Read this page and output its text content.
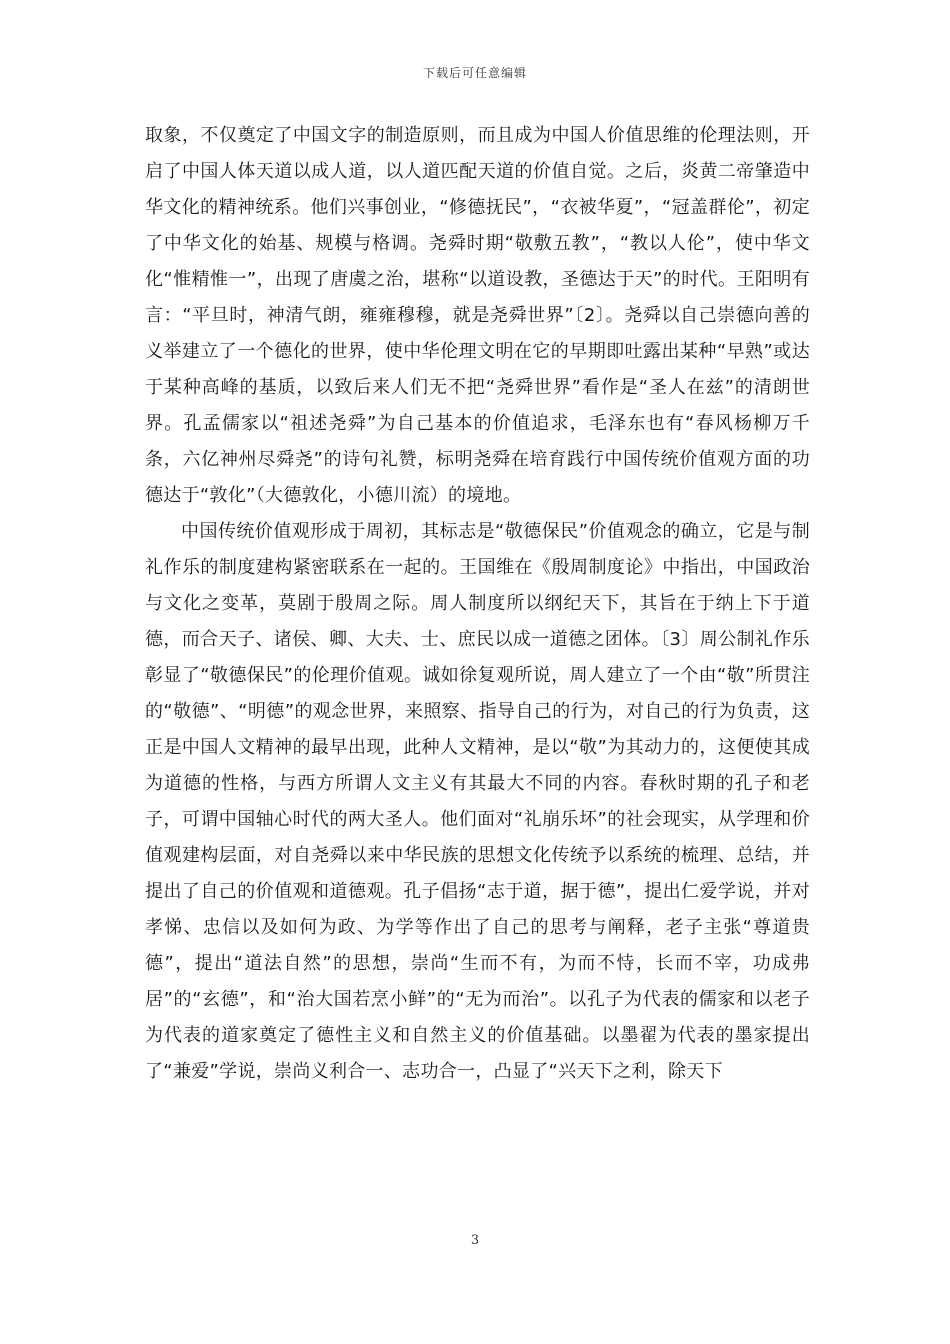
下载后可任意编辑

取象，不仅奠定了中国文字的制造原则，而且成为中国人价值思维的伦理法则，开启了中国人体天道以成人道，以人道匹配天道的价值自觉。之后，炎黄二帝肇造中华文化的精神统系。他们兴事创业，“修德抚民”，“衣被华夏”，“冠盖群伦”，初定了中华文化的始基、规模与格调。尧舜时期“敬敷五教”，“教以人伦”，使中华文化“惟精惟一”，出现了唐虞之治，堪称“以道设教，圣德达于天”的时代。王阳明有言：“平旦时，神清气朗，雍雍穆穆，就是尧舜世界”〔2〕。尧舜以自己崇德向善的义举建立了一个德化的世界，使中华伦理文明在它的早期即吐露出某种“早熟”或达于某种高峰的基质，以致后来人们无不把“尧舜世界”看作是“圣人在兹”的清朗世界。孔孟儒家以“祖述尧舜”为自己基本的价值追求，毛泽东也有“春风杨柳万千条，六亿神州尽舜尧”的诗句礼赞，标明尧舜在培育践行中国传统价值观方面的功德达于“敦化”（大德敦化，小德川流）的境地。

中国传统价值观形成于周初，其标志是“敬德保民”价值观念的确立，它是与制礼作乐的制度建构紧密联系在一起的。王国维在《殷周制度论》中指出，中国政治与文化之变革，莫剧于殷周之际。周人制度所以纲纪天下，其旨在于纳上下于道德，而合天子、诸侯、卿、大夫、士、庶民以成一道德之团体。〔3〕周公制礼作乐彰显了“敬德保民”的伦理价值观。诚如徐复观所说，周人建立了一个由“敬”所贯注的“敬德”、“明德”的观念世界，来照察、指导自己的行为，对自己的行为负责，这正是中国人文精神的最早出现，此种人文精神，是以“敬”为其动力的，这便使其成为道德的性格，与西方所谓人文主义有其最大不同的内容。春秋时期的孔子和老子，可谓中国轴心时代的两大圣人。他们面对“礼崩乐坏”的社会现实，从学理和价值观建构层面，对自尧舜以来中华民族的思想文化传统予以系统的梳理、总结，并提出了自己的价值观和道德观。孔子倡扬“志于道，据于德”，提出仁爱学说，并对孝悌、忠信以及如何为政、为学等作出了自己的思考与阐释，老子主张“尊道贵德”，提出“道法自然”的思想，崇尚“生而不有，为而不恃，长而不宰，功成弗居”的“玄德”，和“治大国若烹小鲜”的“无为而治”。以孔子为代表的儒家和以老子为代表的道家奠定了德性主义和自然主义的价值基础。以墨翟为代表的墨家提出了“兼爱”学说，崇尚义利合一、志功合一，凸显了“兴天下之利，除天下

3
